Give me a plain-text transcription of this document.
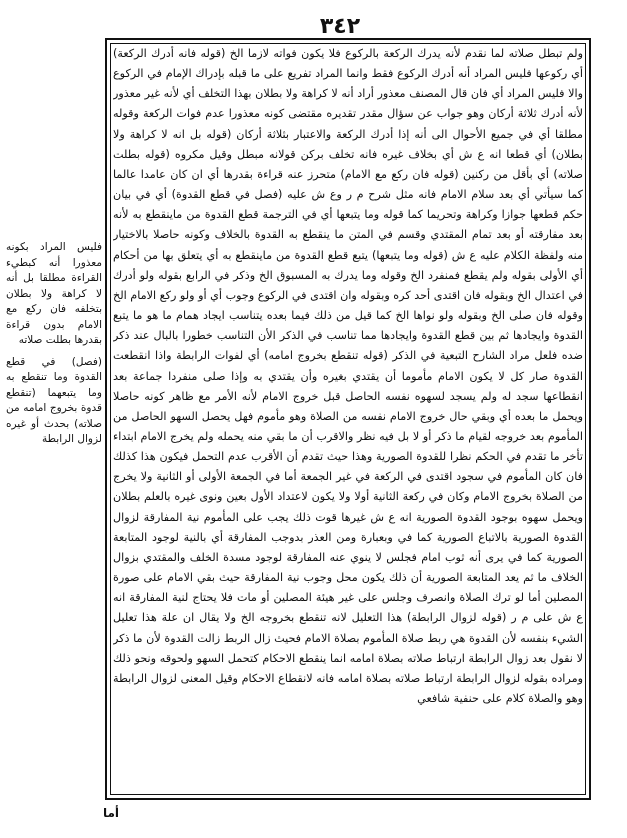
٣٤٢

ولم تبطل صلاته لما نقدم لأنه يدرك الركعة بالركوع فلا يكون فواته لازما الخ (قوله فانه أدرك الركعة) أي ركوعها فليس المراد أنه أدرك الركوع فقط وانما المراد تفريع على ما قبله بإدراك الإمام في الركوع والا فليس المراد أي فان قال المصنف معذور أراد أنه لا كراهة ولا بطلان بهذا التخلف أي لأنه غير معذور لأنه أدرك ثلاثة أركان وهو جواب عن سؤال مقدر تقديره مقتضى كونه معذورا عدم فوات الركعة وقوله مطلقا أي في جميع الأحوال الى أنه إذا أدرك الركعة والاعتبار بثلاثة أركان (قوله بل انه لا كراهة ولا بطلان) أي قطعا انه ع ش أي بخلاف غيره فانه تخلف بركن قولانه مبطل وقيل مكروه (قوله بطلت صلاته) أي بأقل من ركنين (قوله فان ركع مع الامام) متحرز عنه قراءة بقدرها أي ان كان عامدا عالما كما سيأتي أي بعد سلام الامام فانه مثل شرح م ر وع ش عليه (فصل في قطع القدوة) أي في بيان حكم قطعها جوازا وكراهة وتحريما كما قوله وما يتبعها أي في الترجمة قطع القدوة من ماينقطع به لأنه بعد مفارقته أو بعد تمام المقتدي وقسم في المتن ما ينقطع به القدوة بالخلاف وكونه حاصلا بالاختيار منه ولفظة الكلام عليه ع ش (قوله وما يتبعها) يتبع قطع القدوة من ماينقطع به أي يتعلق بها من أحكام أي الأولى بقوله ولم يقطع فمنفرد الخ وقوله وما يدرك به المسبوق الخ وذكر في الرابع بقوله ولو أدرك في اعتدال الخ وبقوله فان اقتدى أحد كره وبقوله وان اقتدى في الركوع وجوب أي أو ولو ركع الامام الخ وقوله فان صلى الخ وبقوله ولو نواها الخ كما قيل من ذلك فيما بعده يتناسب ايجاد همام ما هو ما يتبع القدوة وايجادها ثم بين قطع القدوة وايجادها مما تناسب في الذكر الأن التناسب خطورا بالبال عند ذكر ضده فلعل مراد الشارح التبعية في الذكر (قوله تنقطع بخروج امامه) أي لفوات الرابطة واذا انقطعت القدوة صار كل لا يكون الامام مأموما أن يقتدي بغيره وأن يقتدي به وإذا صلى منفردا جماعة بعد انقطاعها سجد له ولم يسجد لسهوه نفسه الحاصل قبل خروج الامام لأنه الأمر مع ظاهر كونه حاصلا ويحمل ما بعده أي وبقي حال خروج الامام نفسه من الصلاة وهو مأموم فهل يحصل السهو الحاصل من المأموم بعد خروجه لقيام ما ذكر أو لا بل فيه نظر والاقرب أن ما بقي منه يحمله ولم يخرج الامام ابتداء تأخر ما تقدم في الحكم نظرا للقدوة الصورية وهذا حيث تقدم أن الأقرب عدم التحمل فيكون هذا كذلك فان كان المأموم في سجود اقتدى في الركعة في غير الجمعة أما في الجمعة الأولى أو الثانية ولا يخرج من الصلاة بخروج الامام وكان في ركعة الثانية أولا ولا يكون لاعتداد الأول بعين ونوى غيره بالعلم بطلان ويحمل سهوه بوجود القدوة الصورية انه ع ش غيرها قوت ذلك يجب على المأموم نية المفارقة لزوال القدوة الصورية بالاتباع الصورية كما في وبعبارة ومن العذر بدوجب المفارقة أي بالنية لوجود المتابعة الصورية كما في يرى أنه ثوب امام فجلس لا ينوي عنه المفارقة لوجود مسدة الخلف والمقتدي بزوال الخلاف ما ثم يعد المتابعة الصورية أن ذلك يكون محل وجوب نية المفارقة حيث بقي الامام على صورة المصلين أما لو ترك الصلاة وانصرف وجلس على غير هيئة المصلين أو مات فلا يحتاج لنية المفارقة انه ع ش على م ر (قوله لزوال الرابطة) هذا التعليل لانه تنقطع بخروجه الخ ولا يقال ان علة هذا تعليل الشيء بنفسه لأن القدوة هي ربط صلاة المأموم بصلاة الامام فحيث زال الربط زالت القدوة لأن ما ذكر لا نقول بعد زوال الرابطة ارتباط صلاته بصلاة امامه انما ينقطع الاحكام كتحمل السهو ولحوقه ونحو ذلك ومراده بقوله لزوال الرابطة ارتباط صلاته بصلاة امامه فانه لانقطاع الاحكام وقيل المعنى لزوال الرابطة وهو والصلاة كلام على حنفية شافعي

فليس المراد بكونه معذورا أنه كبطيء القراءة مطلقا بل أنه لا كراهة ولا بطلان بتخلفه فان ركع مع الامام بدون قراءة بقدرها بطلت صلاته

(فصل) في قطع القدوة وما تنقطع به وما يتبعهما (تنقطع قدوة بخروج امامه من صلاته) بحدث أو غيره لزوال الرابطة

أما
